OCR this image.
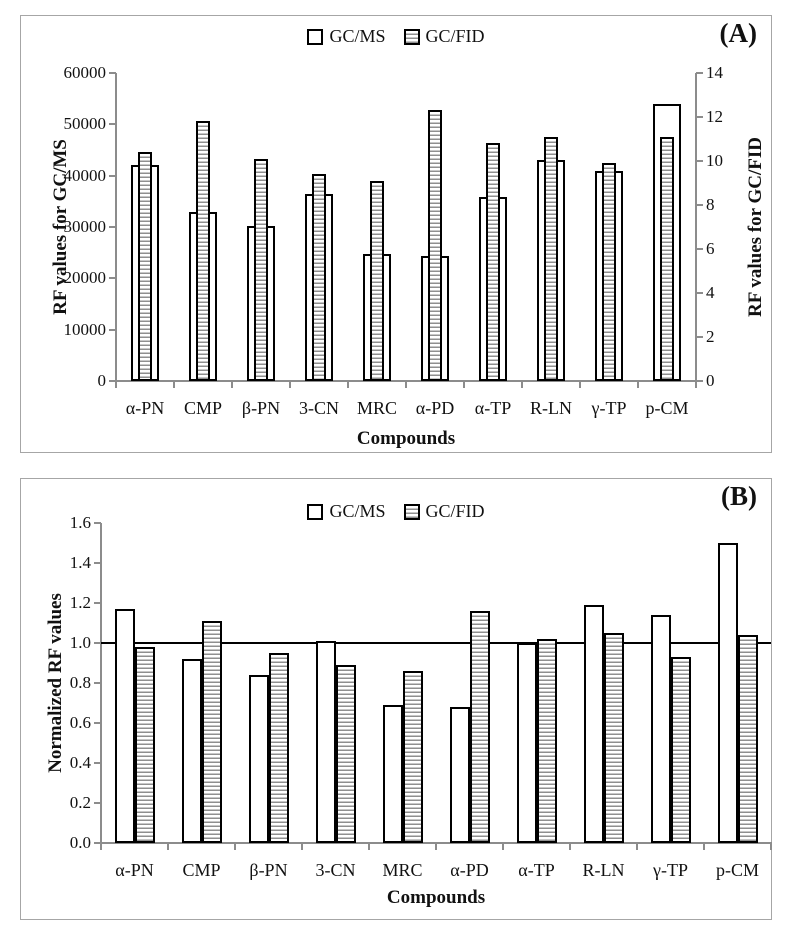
GC/MS GC/FID	(A)
RF values for GC/MS	RF values for GC/FID
0
10000
20000
30000
40000
50000
60000
0
2
4
6
8
10
12
14
α-PN	CMP	β-PN	3-CN MRC	α-PD	α-TP	R-LN	γ-TP	p-CM
Compounds
GC/MS GC/FID	(B)
Normalized RF values
0.0
0.2
0.4
0.6
0.8
1.0
1.2
1.4
1.6
α-PN	CMP	β-PN	3-CN	MRC	α-PD	α-TP	R-LN	γ-TP	p-CM
Compounds
